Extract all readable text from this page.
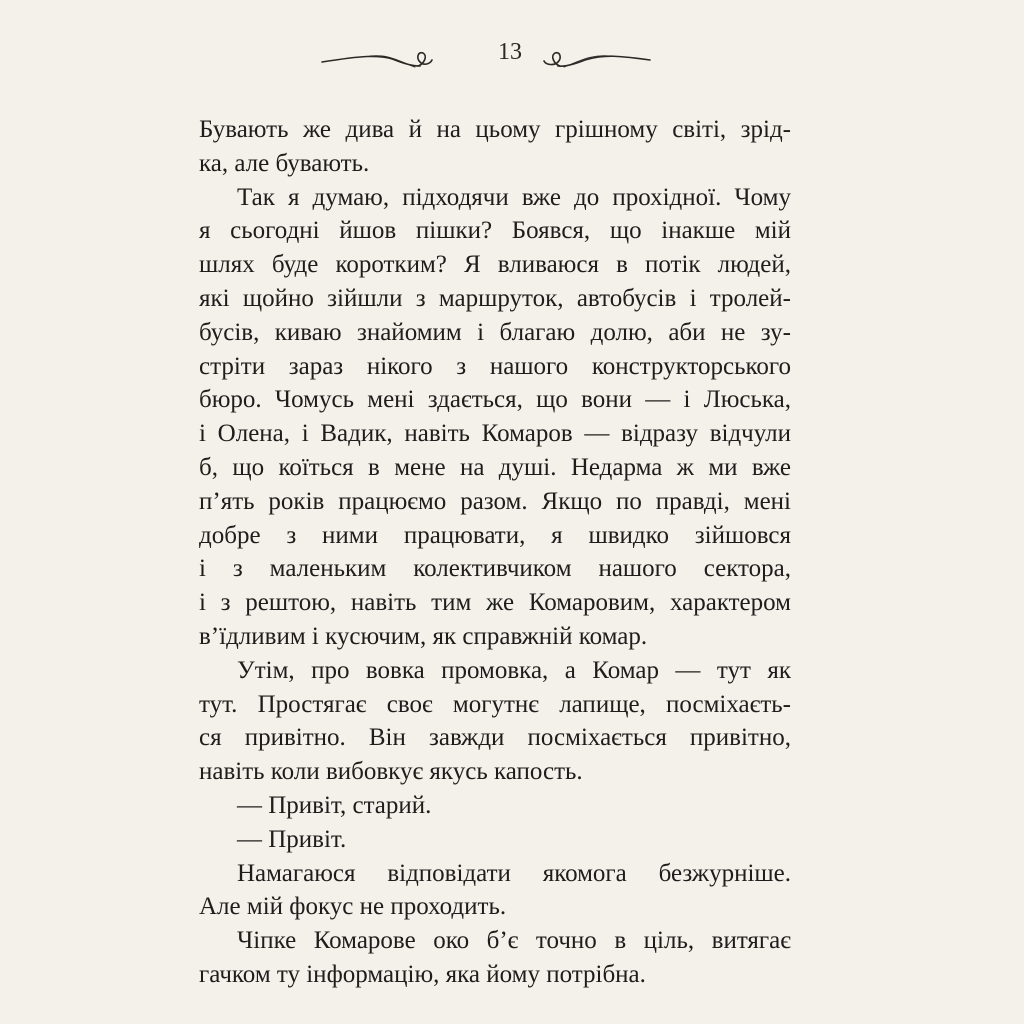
13
Бувають же дива й на цьому грішному світі, зрід-
ка, але бувають.
Так я думаю, підходячи вже до прохідної. Чому
я сьогодні йшов пішки? Боявся, що інакше мій
шлях буде коротким? Я вливаюся в потік людей,
які щойно зійшли з маршруток, автобусів і тролей-
бусів, киваю знайомим і благаю долю, аби не зу-
стріти зараз нікого з нашого конструкторського
бюро. Чомусь мені здається, що вони — і Люська,
і Олена, і Вадик, навіть Комаров — відразу відчули
б, що коїться в мене на душі. Недарма ж ми вже
п’ять років працюємо разом. Якщо по правді, мені
добре з ними працювати, я швидко зійшовся
і з маленьким колективчиком нашого сектора,
і з рештою, навіть тим же Комаровим, характером
в’їдливим і кусючим, як справжній комар.
Утім, про вовка промовка, а Комар — тут як
тут. Простягає своє могутнє лапище, посміхаєть-
ся привітно. Він завжди посміхається привітно,
навіть коли вибовкує якусь капость.
— Привіт, старий.
— Привіт.
Намагаюся відповідати якомога безжурніше.
Але мій фокус не проходить.
Чіпке Комарове око б’є точно в ціль, витягає
гачком ту інформацію, яка йому потрібна.
